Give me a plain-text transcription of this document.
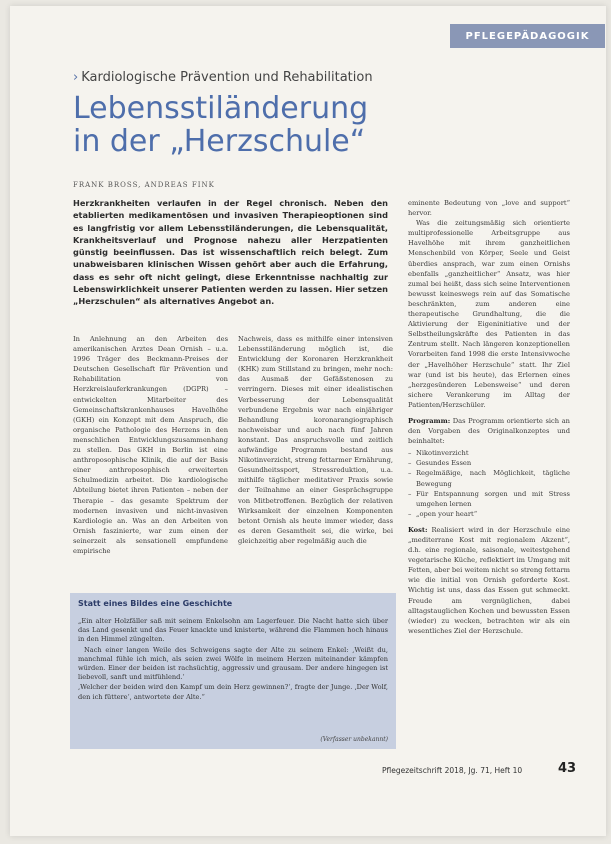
PFLEGEPÄDAGOGIK
› Kardiologische Prävention und Rehabilitation
Lebensstiländerung
in der „Herzschule“
FRANK BROSS, ANDREAS FINK
Herzkrankheiten verlaufen in der Regel chronisch. Neben den etablierten medikamentösen und invasiven Therapieoptionen sind es langfristig vor allem Lebensstiländerungen, die Lebensqualität, Krankheitsverlauf und Prognose nahezu aller Herzpatienten günstig beeinflussen. Das ist wissenschaftlich reich belegt. Zum unabweisbaren klinischen Wissen gehört aber auch die Erfahrung, dass es sehr oft nicht gelingt, diese Erkenntnisse nachhaltig zur Lebenswirklichkeit unserer Patienten werden zu lassen. Hier setzen „Herzschulen“ als alternatives Angebot an.

In Anlehnung an den Arbeiten des amerikanischen Arztes Dean Ornish – u.a. 1996 Träger des Beckmann-Preises der Deutschen Gesellschaft für Prävention und Rehabilitation von Herzkreislauferkrankungen (DGPR) – entwickelten Mitarbeiter des Gemeinschaftskrankenhauses Havelhöhe (GKH) ein Konzept mit dem Anspruch, die organische Pathologie des Herzens in den menschlichen Entwicklungszusammenhang zu stellen. Das GKH in Berlin ist eine anthroposophische Klinik, die auf der Basis einer anthroposophisch erweiterten Schulmedizin arbeitet. Die kardiologische Abteilung bietet ihren Patienten – neben der Therapie – das gesamte Spektrum der modernen invasiven und nicht-invasiven Kardiologie an. Was an den Arbeiten von Ornish faszinierte, war zum einen der seinerzeit als sensationell empfundene empirische

Nachweis, dass es mithilfe einer intensiven Lebensstiländerung möglich ist, die Entwicklung der Koronaren Herzkrankheit (KHK) zum Stillstand zu bringen, mehr noch: das Ausmaß der Gefäßstenosen zu verringern. Dieses mit einer idealistischen Verbesserung der Lebensqualität verbundene Ergebnis war nach einjähriger Behandlung koronarangiographisch nachweisbar und auch nach fünf Jahren konstant. Das anspruchsvolle und zeitlich aufwändige Programm bestand aus Nikotinverzicht, streng fettarmer Ernährung, Gesundheitssport, Stressreduktion, u.a. mithilfe täglicher meditativer Praxis sowie der Teilnahme an einer Gesprächsgruppe von Mitbetroffenen. Bezüglich der relativen Wirksamkeit der einzelnen Komponenten betont Ornish als heute immer wieder, dass es deren Gesamtheit sei, die wirke, bei gleichzeitig aber regelmäßig auch die

eminente Bedeutung von „love and support“ hervor.

Was die zeitungsmäßig sich orientierte multiprofessionelle Arbeitsgruppe aus Havelhöhe mit ihrem ganzheitlichen Menschenbild von Körper, Seele und Geist überdies ansprach, war zum einen Ornishs ebenfalls „ganzheitlicher“ Ansatz, was hier zumal bei heißt, dass sich seine Interventionen bewusst keineswegs rein auf das Somatische beschränkten, zum anderen eine therapeutische Grundhaltung, die die Aktivierung der Eigeninitiative und der Selbstheilungskräfte des Patienten in das Zentrum stellt. Nach längeren konzeptionellen Vorarbeiten fand 1998 die erste Intensivwoche der „Havelhöher Herzschule“ statt. Ihr Ziel war (und ist bis heute), das Erlernen eines „herzgesünderen Lebensweise“ und deren sichere Verankerung im Alltag der Patienten/Herzschüler.

Programm: Das Programm orientierte sich an den Vorgaben des Originalkonzeptes und beinhaltet:

– Nikotinverzicht
– Gesundes Essen
– Regelmäßige, nach Möglichkeit, tägliche Bewegung
– Für Entspannung sorgen und mit Stress umgehen lernen
– „open your heart“

Kost: Realisiert wird in der Herzschule eine „mediterrane Kost mit regionalem Akzent“, d.h. eine regionale, saisonale, weitestgehend vegetarische Küche, reflektiert im Umgang mit Fetten, aber bei weitem nicht so streng fettarm wie die initial von Ornish geforderte Kost. Wichtig ist uns, dass das Essen gut schmeckt. Freude am vergnüglichen, dabei alltagstauglichen Kochen und bewussten Essen (wieder) zu wecken, betrachten wir als ein wesentliches Ziel der Herzschule.

Statt eines Bildes eine Geschichte

„Ein alter Holzfäller saß mit seinem Enkelsohn am Lagerfeuer. Die Nacht hatte sich über das Land gesenkt und das Feuer knackte und knisterte, während die Flammen hoch hinaus in den Himmel züngelten.

Nach einer langen Weile des Schweigens sagte der Alte zu seinem Enkel: ,Weißt du, manchmal fühle ich mich, als seien zwei Wölfe in meinem Herzen miteinander kämpfen würden. Einer der beiden ist rachsüchtig, aggressiv und grausam. Der andere hingegen ist liebevoll, sanft und mitfühlend.‘

‚Welcher der beiden wird den Kampf um dein Herz gewinnen?‘, fragte der Junge. ‚Der Wolf, den ich füttere‘, antwortete der Alte.“

(Verfasser unbekannt)
Pflegezeitschrift 2018, Jg. 71, Heft 10	43
